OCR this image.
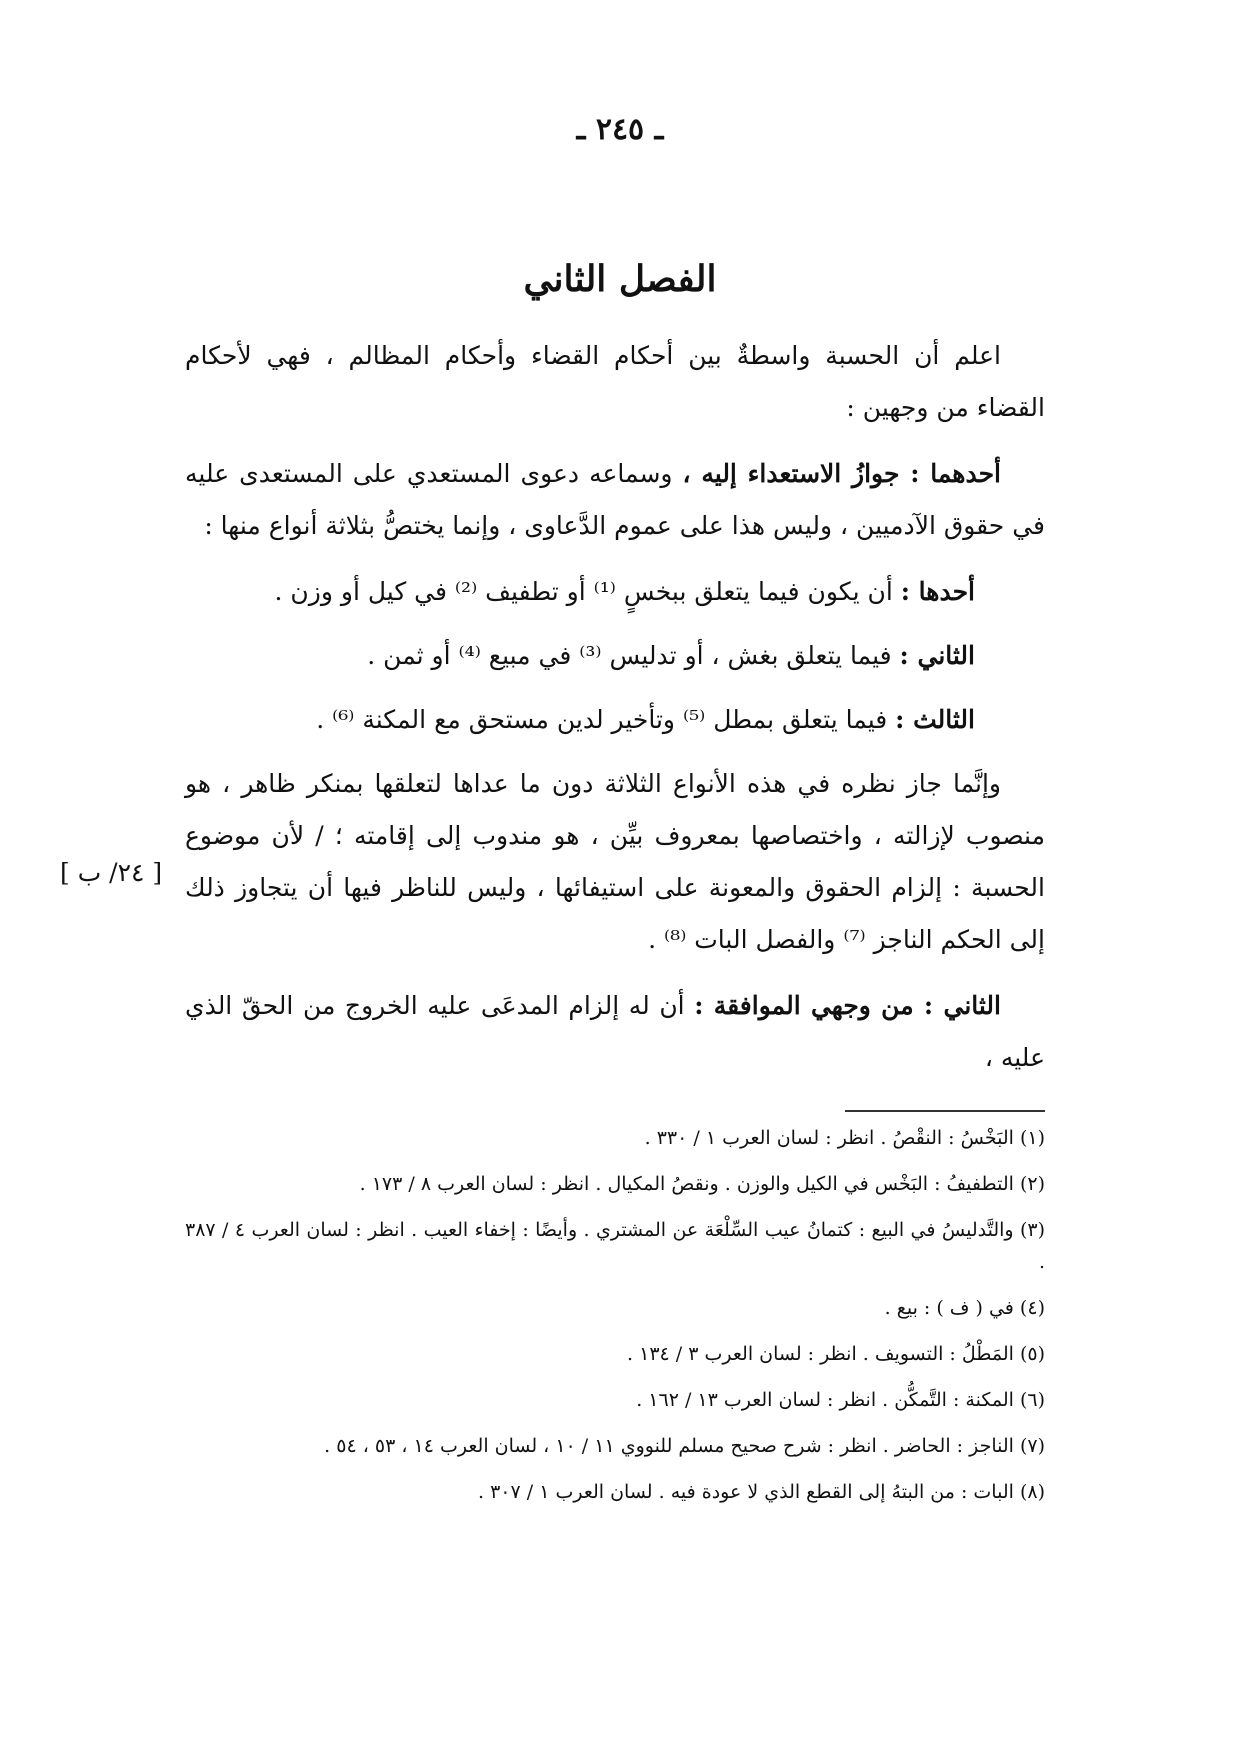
ـ ٢٤٥ ـ
الفصل الثاني

اعلم أن الحسبة واسطةٌ بين أحكام القضاء وأحكام المظالم ، فهي لأحكام القضاء من وجهين :

أحدهما : جوازُ الاستعداء إليه ، وسماعه دعوى المستعدي على المستعدى عليه في حقوق الآدميين ، وليس هذا على عموم الدَّعاوى ، وإنما يختصُّ بثلاثة أنواع منها :

أحدها : أن يكون فيما يتعلق ببخسٍ ⁽¹⁾ أو تطفيف ⁽²⁾ في كيل أو وزن .

الثاني : فيما يتعلق بغش ، أو تدليس ⁽³⁾ في مبيع ⁽⁴⁾ أو ثمن .

الثالث : فيما يتعلق بمطل ⁽⁵⁾ وتأخير لدين مستحق مع المكنة ⁽⁶⁾ .

وإنَّما جاز نظره في هذه الأنواع الثلاثة دون ما عداها لتعلقها بمنكر ظاهر ، هو منصوب لإزالته ، واختصاصها بمعروف بيِّن ، هو مندوب إلى إقامته ؛ / لأن موضوع الحسبة : إلزام الحقوق والمعونة على استيفائها ، وليس للناظر فيها أن يتجاوز ذلك إلى الحكم الناجز ⁽⁷⁾ والفصل البات ⁽⁸⁾ .

الثاني : من وجهي الموافقة : أن له إلزام المدعَى عليه الخروج من الحقّ الذي عليه ،

[ ٢٤/ ب ]

(١) البَخْسُ : النقْصُ . انظر : لسان العرب ١ / ٣٣٠ .

(٢) التطفيفُ : البَخْس في الكيل والوزن . ونقصُ المكيال . انظر : لسان العرب ٨ / ١٧٣ .

(٣) والتَّدليسُ في البيع : كتمانُ عيب السِّلْعَة عن المشتري . وأيضًا : إخفاء العيب . انظر : لسان العرب ٤ / ٣٨٧ .

(٤) في ( ف ) : بيع .

(٥) المَطْلُ : التسويف . انظر : لسان العرب ٣ / ١٣٤ .

(٦) المكنة : التَّمكُّن . انظر : لسان العرب ١٣ / ١٦٢ .

(٧) الناجز : الحاضر . انظر : شرح صحيح مسلم للنووي ١١ / ١٠ ، لسان العرب ١٤ ، ٥٣ ، ٥٤ .

(٨) البات : من البتهُ إلى القطع الذي لا عودة فيه . لسان العرب ١ / ٣٠٧ .
